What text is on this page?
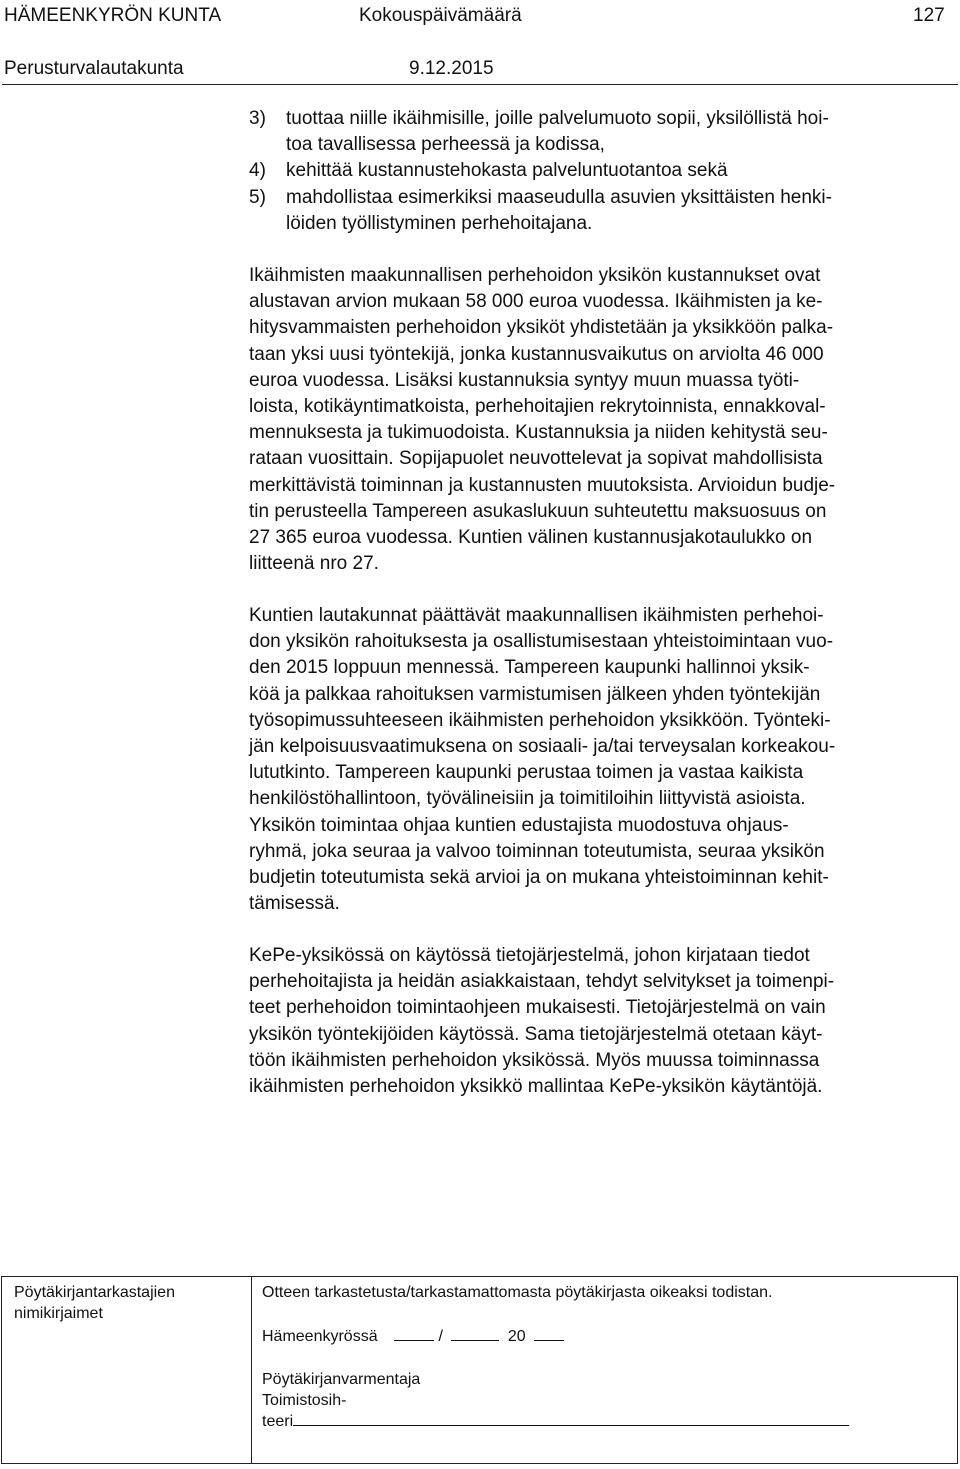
HÄMEENKYRÖN KUNTA	Kokouspäivämäärä	127
Perusturvalautakunta	9.12.2015
3) tuottaa niille ikäihmisille, joille palvelumuoto sopii, yksilöllistä hoi-
toa tavallisessa perheessä ja kodissa,
4) kehittää kustannustehokasta palveluntuotantoa sekä
5) mahdollistaa esimerkiksi maaseudulla asuvien yksittäisten henki-
löiden työllistyminen perhehoitajana.
Ikäihmisten maakunnallisen perhehoidon yksikön kustannukset ovat
alustavan arvion mukaan 58 000 euroa vuodessa. Ikäihmisten ja ke-
hitysvammaisten perhehoidon yksiköt yhdistetään ja yksikköön palka-
taan yksi uusi työntekijä, jonka kustannusvaikutus on arviolta 46 000
euroa vuodessa. Lisäksi kustannuksia syntyy muun muassa työti-
loista, kotikäyntimatkoista, perhehoitajien rekrytoinnista, ennakkoval-
mennuksesta ja tukimuodoista. Kustannuksia ja niiden kehitystä seu-
rataan vuosittain. Sopijapuolet neuvottelevat ja sopivat mahdollisista
merkittävistä toiminnan ja kustannusten muutoksista. Arvioidun budje-
tin perusteella Tampereen asukaslukuun suhteutettu maksuosuus on
27 365 euroa vuodessa. Kuntien välinen kustannusjakotaulukko on
liitteenä nro 27.
Kuntien lautakunnat päättävät maakunnallisen ikäihmisten perhehoi-
don yksikön rahoituksesta ja osallistumisestaan yhteistoimintaan vuo-
den 2015 loppuun mennessä. Tampereen kaupunki hallinnoi yksik-
köä ja palkkaa rahoituksen varmistumisen jälkeen yhden työntekijän
työsopimussuhteeseen ikäihmisten perhehoidon yksikköön. Työnteki-
jän kelpoisuusvaatimuksena on sosiaali- ja/tai terveysalan korkeakou-
lututkinto. Tampereen kaupunki perustaa toimen ja vastaa kaikista
henkilöstöhallintoon, työvälineisiin ja toimitiloihin liittyvistä asioista.
Yksikön toimintaa ohjaa kuntien edustajista muodostuva ohjaus-
ryhmä, joka seuraa ja valvoo toiminnan toteutumista, seuraa yksikön
budjetin toteutumista sekä arvioi ja on mukana yhteistoiminnan kehit-
tämisessä.
KePe-yksikössä on käytössä tietojärjestelmä, johon kirjataan tiedot
perhehoitajista ja heidän asiakkaistaan, tehdyt selvitykset ja toimenpi-
teet perhehoidon toimintaohjeen mukaisesti. Tietojärjestelmä on vain
yksikön työntekijöiden käytössä. Sama tietojärjestelmä otetaan käyt-
töön ikäihmisten perhehoidon yksikössä. Myös muussa toiminnassa
ikäihmisten perhehoidon yksikkö mallintaa KePe-yksikön käytäntöjä.
Pöytäkirjantarkastajien
nimikirjaimet
Otteen tarkastetusta/tarkastamattomasta pöytäkirjasta oikeaksi todistan.
Hämeenkyrössä	/	20
Pöytäkirjanvarmentaja
Toimistosih-
teeri
